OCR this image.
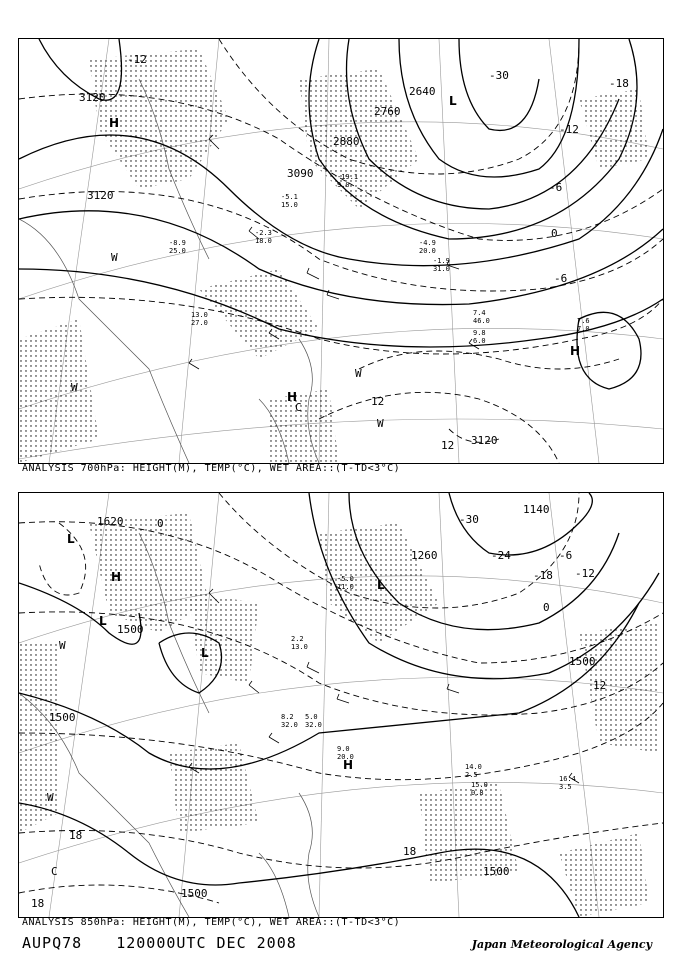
3120
3120
3090
2880
2760
2640
3120
-12
-30
-18
-12
-6
0
-6
12
12
H
L
H
H
C
W
W
W
W
-2.3
18.0
-5.1
15.0
-19.1
9.0
-4.9
20.0
-1.9
31.0
7.4
46.0
9.8
6.0
7.6
7.0
13.0
27.0
-8.9
25.0
ANALYSIS 700hPa: HEIGHT(M), TEMP(°C), WET AREA::(T-TD<3°C)
1620
1500
1500
1260
1140
1500
1500
1500
0	-30
-24
-18 -12
-6
0
12
18
18
18
L
H
L
L
L
H
W
W
C
2.2
13.0
5.0
32.0
9.0
20.0
14.0
2.5	16.4
3.5
15.0
0.8
-5.0
11.0
8.2
32.0
ANALYSIS 850hPa: HEIGHT(M), TEMP(°C), WET AREA::(T-TD<3°C)
AUPQ78 120000UTC DEC 2008	Japan Meteorological Agency
